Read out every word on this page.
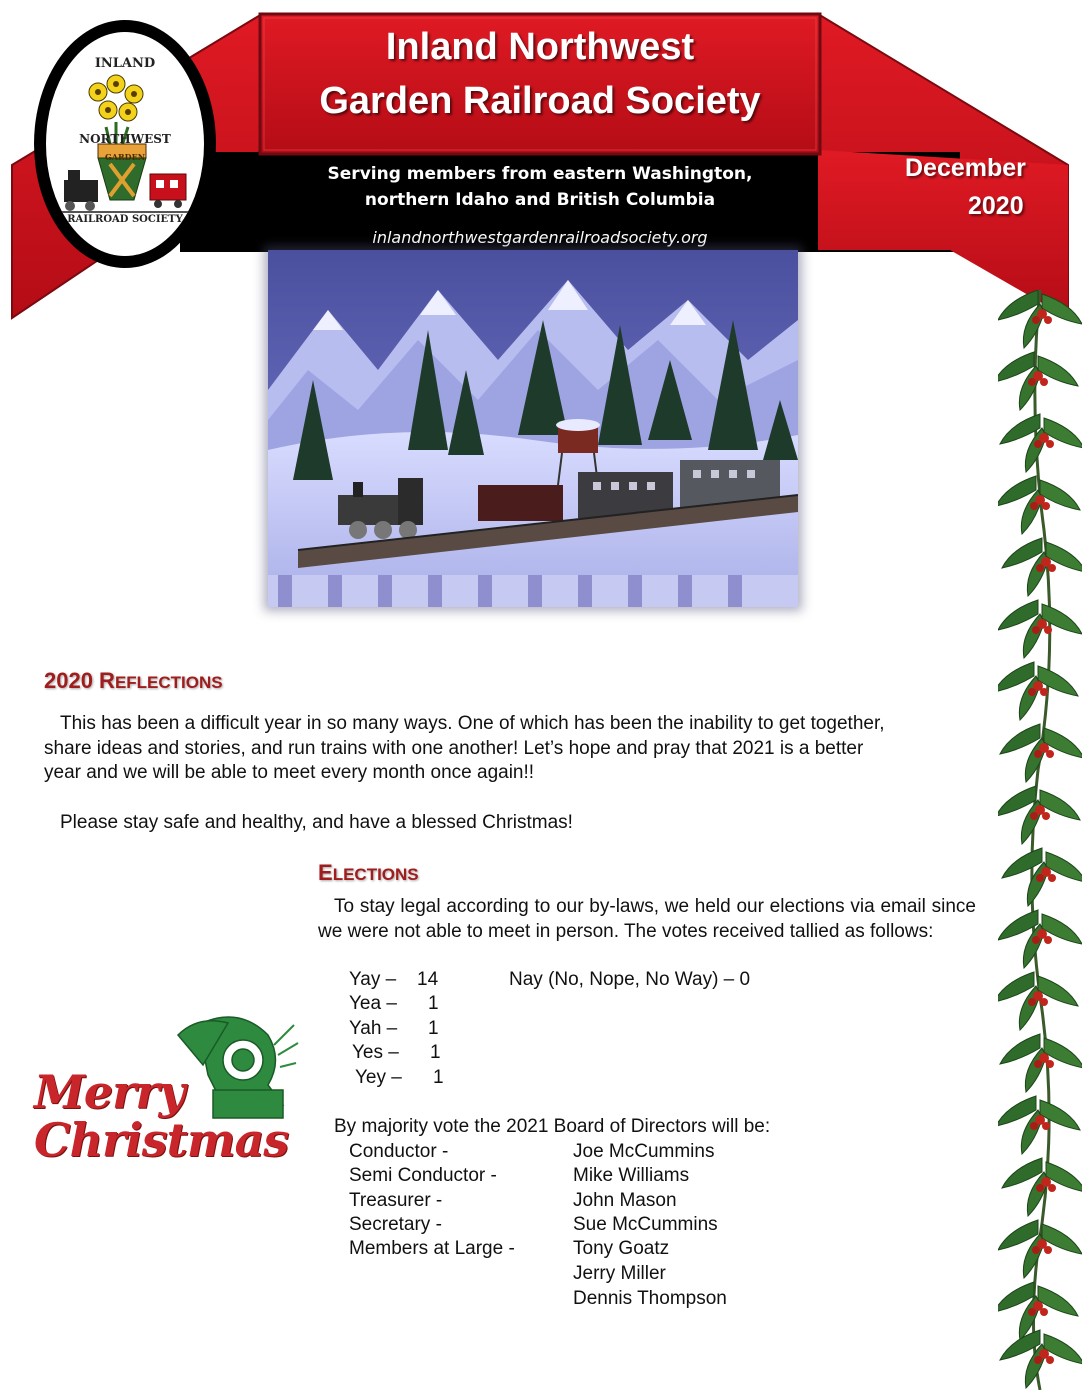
Inland Northwest
Garden Railroad Society
Serving members from eastern Washington,
northern Idaho and British Columbia
inlandnorthwestgardenrailroadsociety.org
December
2020
INLAND
NORTHWEST
GARDEN
RAILROAD SOCIETY
2020 REFLECTIONS
This has been a difficult year in so many ways. One of which has been the inability to get together, share ideas and stories, and run trains with one another! Let’s hope and pray that 2021 is a better year and we will be able to meet every month once again!!
Please stay safe and healthy, and have a blessed Christmas!
ELECTIONS
To stay legal according to our by-laws, we held our elections via email since we were not able to meet in person. The votes received tallied as follows:
Yay – 14	Nay (No, Nope, No Way) – 0
Yea – 1
Yah – 1
Yes – 1
Yey – 1
By majority vote the 2021 Board of Directors will be:
Conductor -	Joe McCummins
Semi Conductor -	Mike Williams
Treasurer -	John Mason
Secretary -	Sue McCummins
Members at Large -	Tony Goatz
Jerry Miller
Dennis Thompson
Merry
Christmas
